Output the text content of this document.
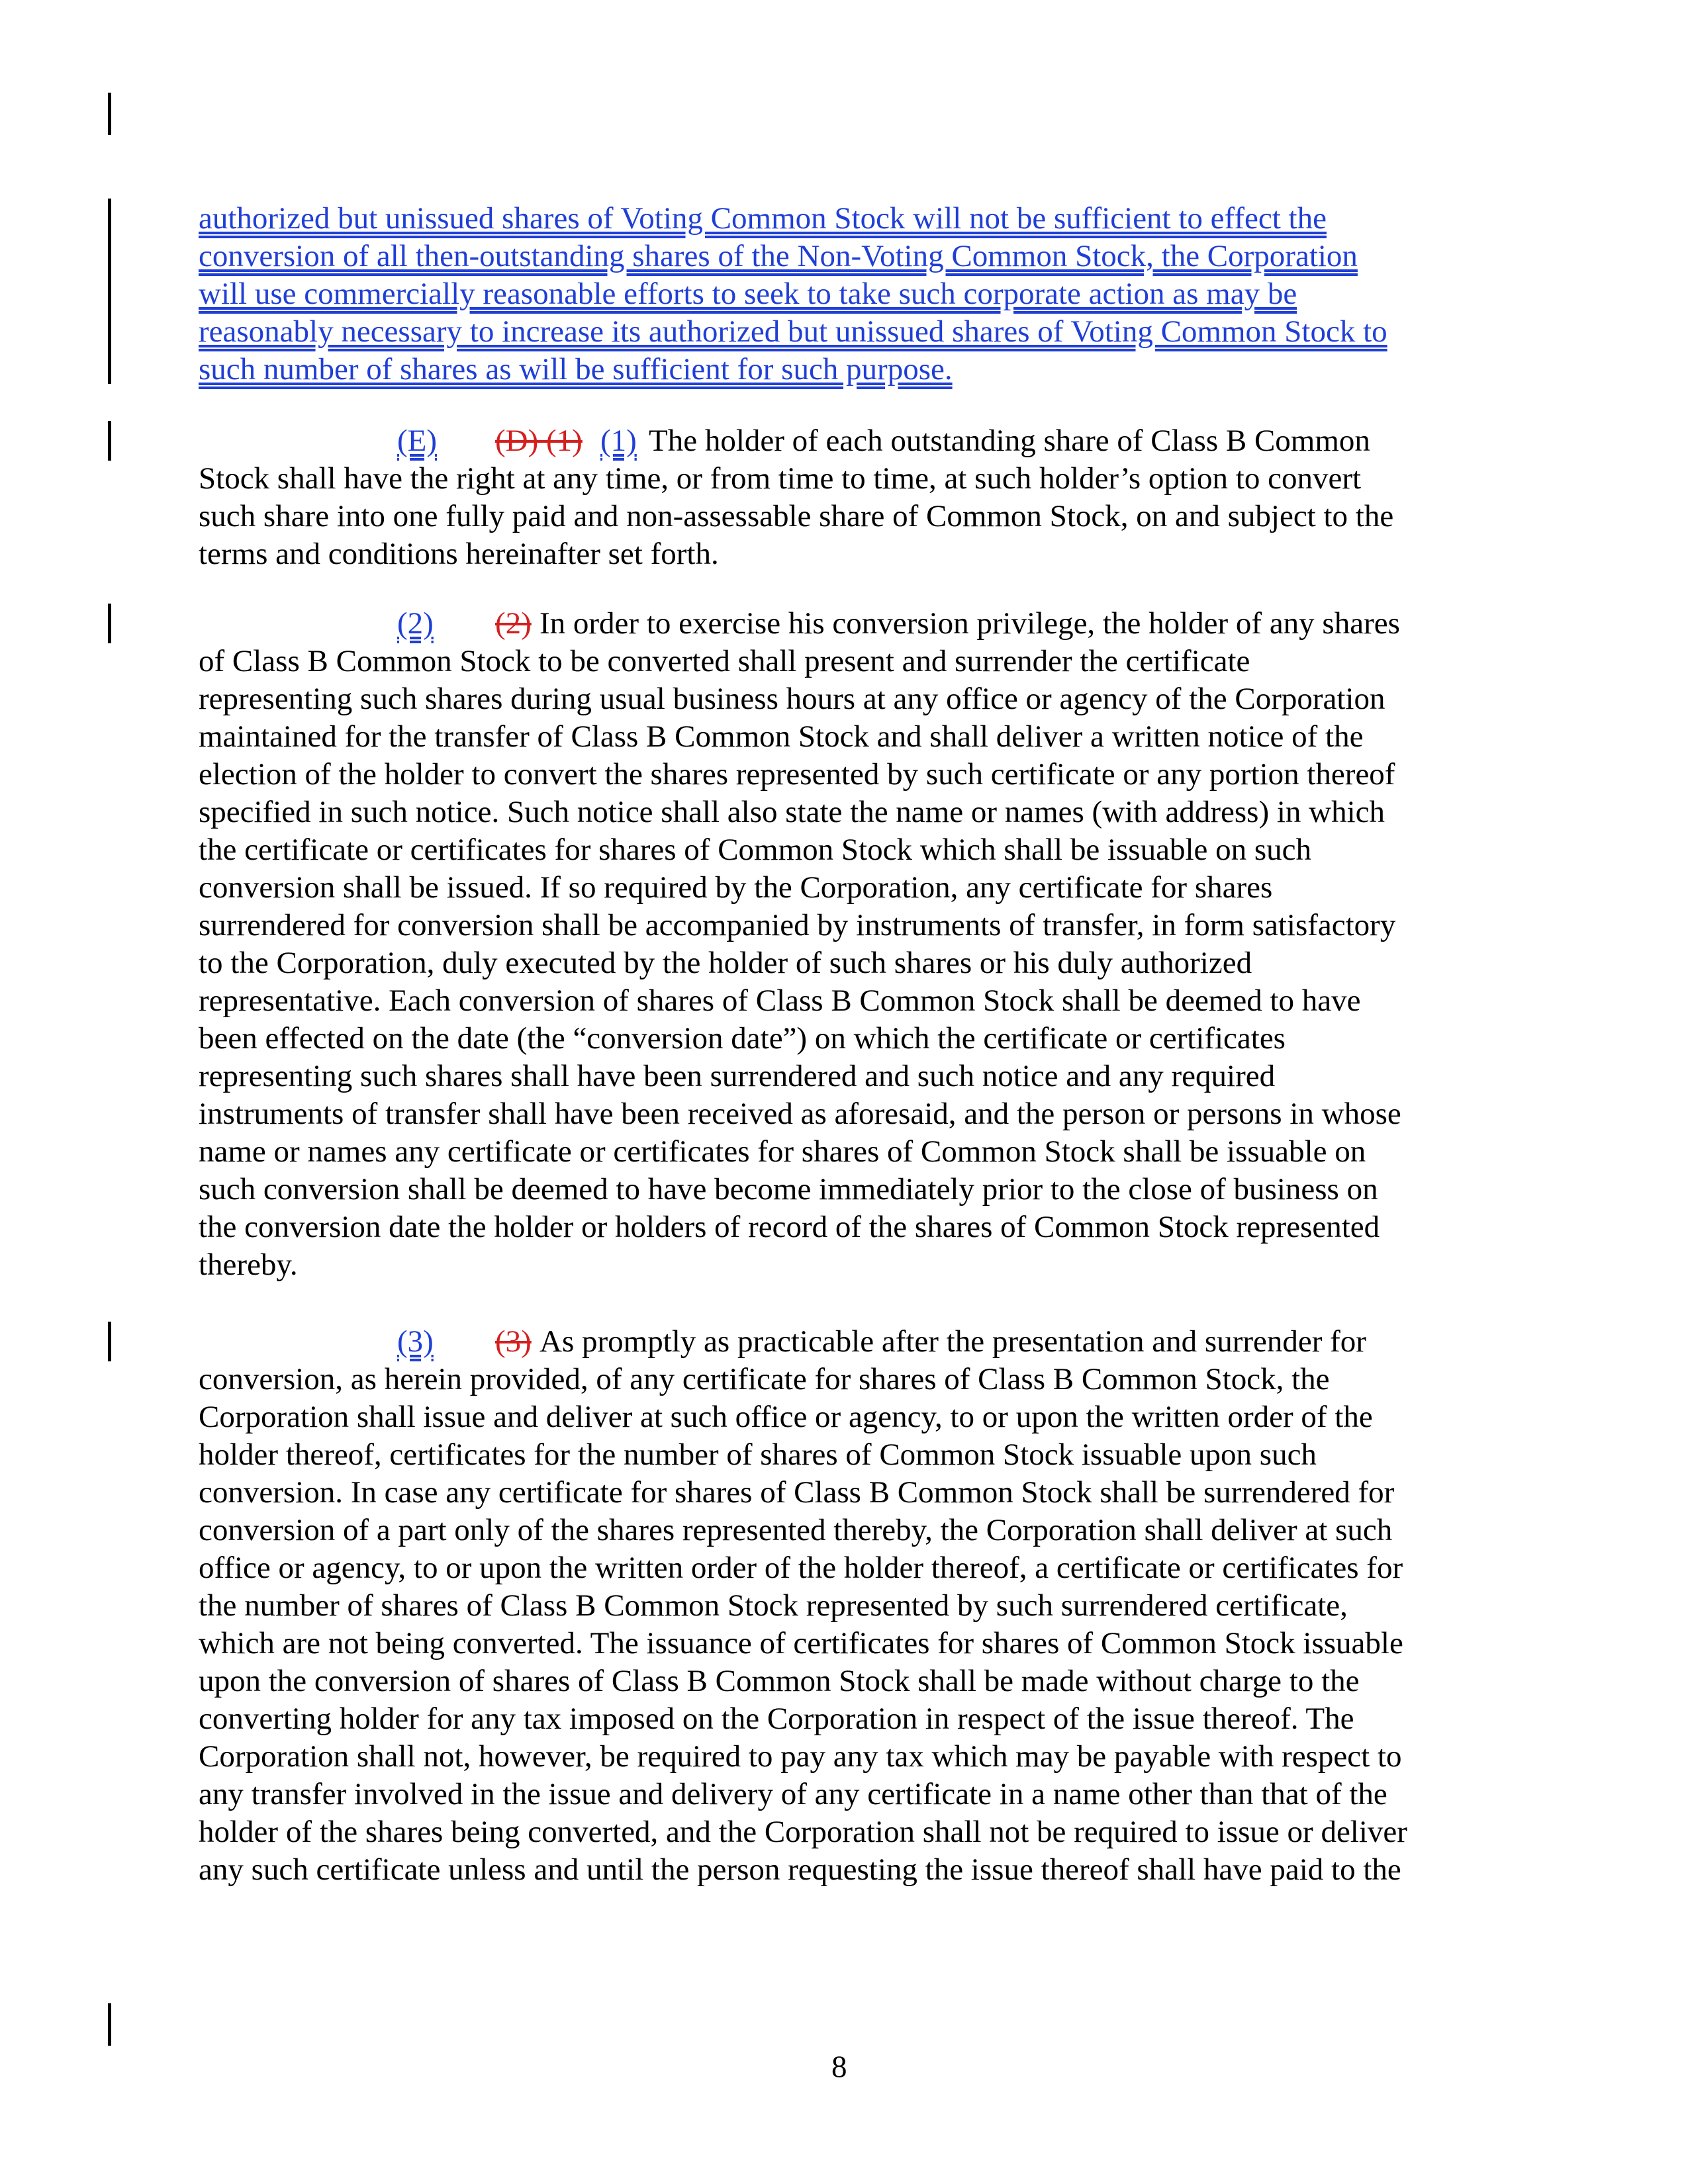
authorized but unissued shares of Voting Common Stock will not be sufficient to effect the
conversion of all then-outstanding shares of the Non-Voting Common Stock, the Corporation
will use commercially reasonable efforts to seek to take such corporate action as may be
reasonably necessary to increase its authorized but unissued shares of Voting Common Stock to
such number of shares as will be sufficient for such purpose.
(E) (D) (1) (1) The holder of each outstanding share of Class B Common
Stock shall have the right at any time, or from time to time, at such holder’s option to convert
such share into one fully paid and non-assessable share of Common Stock, on and subject to the
terms and conditions hereinafter set forth.
(2) (2) In order to exercise his conversion privilege, the holder of any shares
of Class B Common Stock to be converted shall present and surrender the certificate
representing such shares during usual business hours at any office or agency of the Corporation
maintained for the transfer of Class B Common Stock and shall deliver a written notice of the
election of the holder to convert the shares represented by such certificate or any portion thereof
specified in such notice. Such notice shall also state the name or names (with address) in which
the certificate or certificates for shares of Common Stock which shall be issuable on such
conversion shall be issued. If so required by the Corporation, any certificate for shares
surrendered for conversion shall be accompanied by instruments of transfer, in form satisfactory
to the Corporation, duly executed by the holder of such shares or his duly authorized
representative. Each conversion of shares of Class B Common Stock shall be deemed to have
been effected on the date (the “conversion date”) on which the certificate or certificates
representing such shares shall have been surrendered and such notice and any required
instruments of transfer shall have been received as aforesaid, and the person or persons in whose
name or names any certificate or certificates for shares of Common Stock shall be issuable on
such conversion shall be deemed to have become immediately prior to the close of business on
the conversion date the holder or holders of record of the shares of Common Stock represented
thereby.
(3) (3) As promptly as practicable after the presentation and surrender for
conversion, as herein provided, of any certificate for shares of Class B Common Stock, the
Corporation shall issue and deliver at such office or agency, to or upon the written order of the
holder thereof, certificates for the number of shares of Common Stock issuable upon such
conversion. In case any certificate for shares of Class B Common Stock shall be surrendered for
conversion of a part only of the shares represented thereby, the Corporation shall deliver at such
office or agency, to or upon the written order of the holder thereof, a certificate or certificates for
the number of shares of Class B Common Stock represented by such surrendered certificate,
which are not being converted. The issuance of certificates for shares of Common Stock issuable
upon the conversion of shares of Class B Common Stock shall be made without charge to the
converting holder for any tax imposed on the Corporation in respect of the issue thereof. The
Corporation shall not, however, be required to pay any tax which may be payable with respect to
any transfer involved in the issue and delivery of any certificate in a name other than that of the
holder of the shares being converted, and the Corporation shall not be required to issue or deliver
any such certificate unless and until the person requesting the issue thereof shall have paid to the
8
